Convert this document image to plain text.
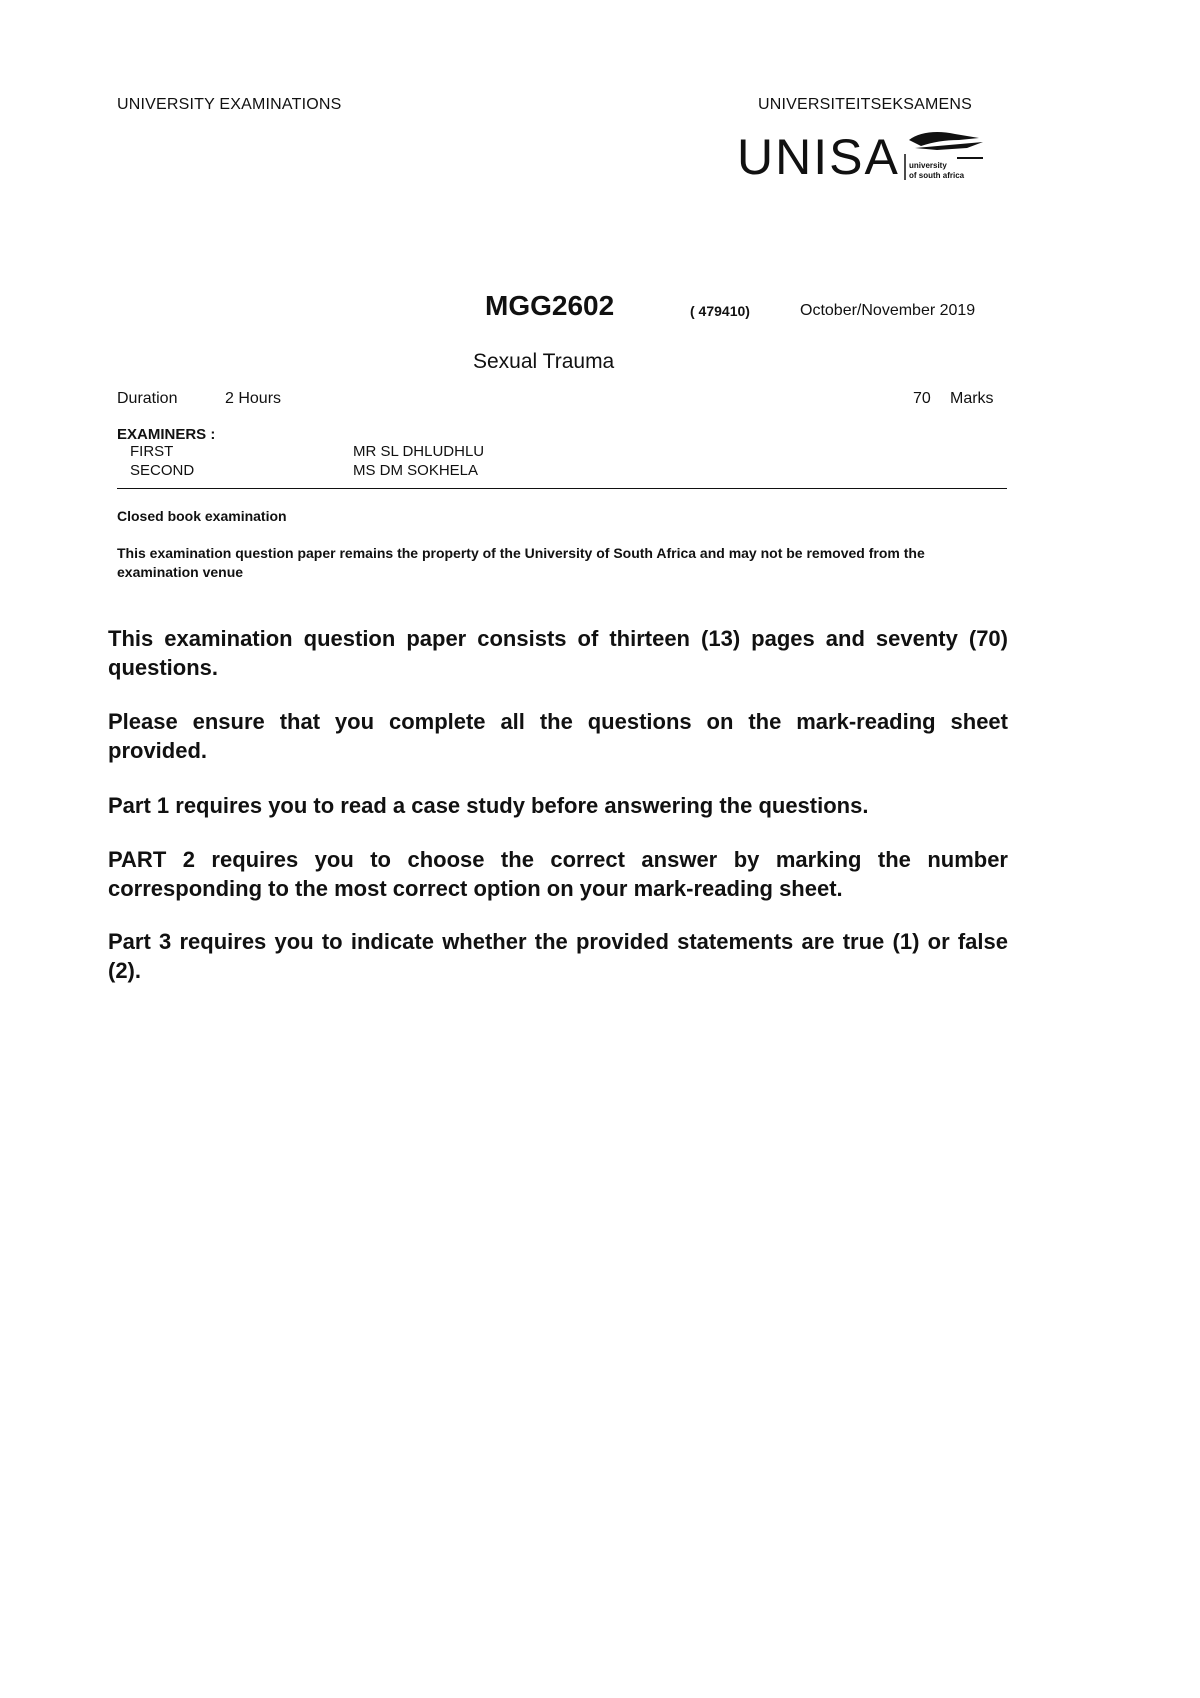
UNIVERSITY EXAMINATIONS	UNIVERSITEITSEKSAMENS
UNISA university
of south africa
MGG2602	( 479410)	October/November 2019
Sexual Trauma
Duration	2 Hours	70 Marks
EXAMINERS :
FIRST	MR SL DHLUDHLU
SECOND	MS DM SOKHELA
Closed book examination
This examination question paper remains the property of the University of South Africa and may not be removed from the examination venue
This examination question paper consists of thirteen (13) pages and seventy (70) questions.
Please ensure that you complete all the questions on the mark-reading sheet provided.
Part 1 requires you to read a case study before answering the questions.
PART 2 requires you to choose the correct answer by marking the number corresponding to the most correct option on your mark-reading sheet.
Part 3 requires you to indicate whether the provided statements are true (1) or false (2).
